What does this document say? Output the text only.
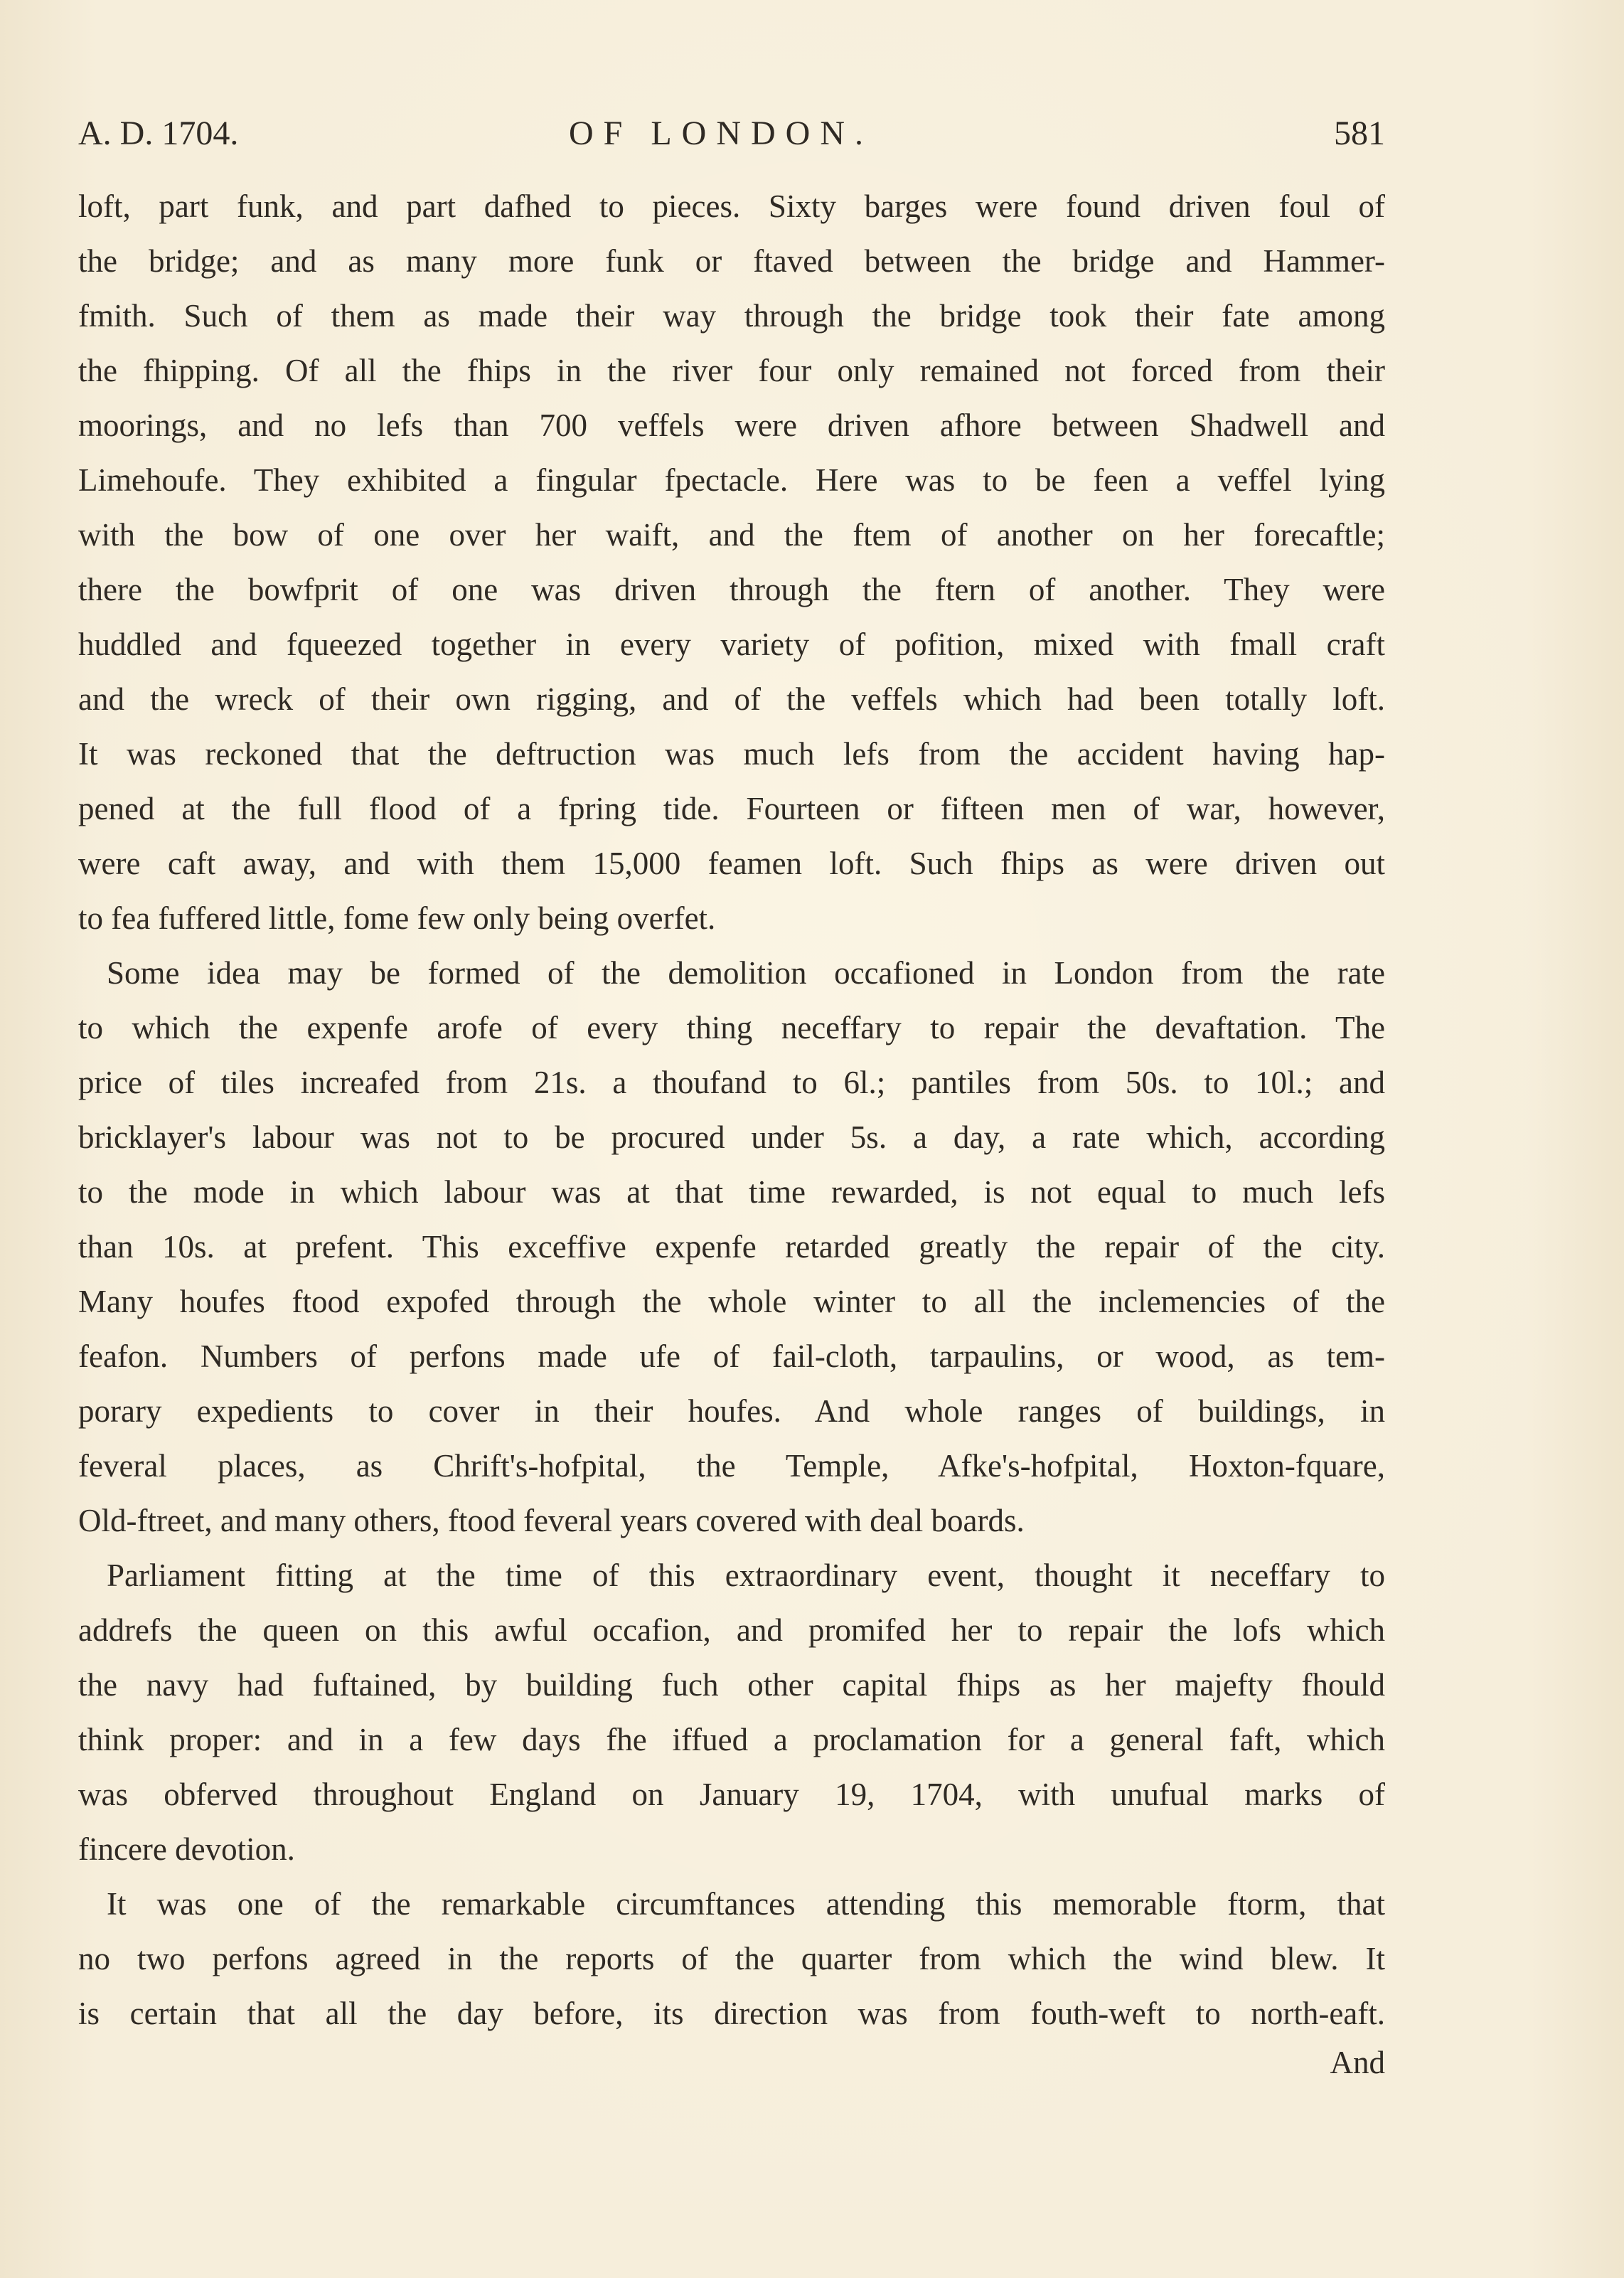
A. D. 1704.	OF LONDON.	581
loft, part funk, and part dafhed to pieces. Sixty barges were found driven foul of
the bridge; and as many more funk or ftaved between the bridge and Hammer-
fmith. Such of them as made their way through the bridge took their fate among
the fhipping. Of all the fhips in the river four only remained not forced from their
moorings, and no lefs than 700 veffels were driven afhore between Shadwell and
Limehoufe. They exhibited a fingular fpectacle. Here was to be feen a veffel lying
with the bow of one over her waift, and the ftem of another on her forecaftle;
there the bowfprit of one was driven through the ftern of another. They were
huddled and fqueezed together in every variety of pofition, mixed with fmall craft
and the wreck of their own rigging, and of the veffels which had been totally loft.
It was reckoned that the deftruction was much lefs from the accident having hap-
pened at the full flood of a fpring tide. Fourteen or fifteen men of war, however,
were caft away, and with them 15,000 feamen loft. Such fhips as were driven out
to fea fuffered little, fome few only being overfet.
Some idea may be formed of the demolition occafioned in London from the rate
to which the expenfe arofe of every thing neceffary to repair the devaftation. The
price of tiles increafed from 21s. a thoufand to 6l.; pantiles from 50s. to 10l.; and
bricklayer's labour was not to be procured under 5s. a day, a rate which, according
to the mode in which labour was at that time rewarded, is not equal to much lefs
than 10s. at prefent. This exceffive expenfe retarded greatly the repair of the city.
Many houfes ftood expofed through the whole winter to all the inclemencies of the
feafon. Numbers of perfons made ufe of fail-cloth, tarpaulins, or wood, as tem-
porary expedients to cover in their houfes. And whole ranges of buildings, in
feveral places, as Chrift's-hofpital, the Temple, Afke's-hofpital, Hoxton-fquare,
Old-ftreet, and many others, ftood feveral years covered with deal boards.
Parliament fitting at the time of this extraordinary event, thought it neceffary to
addrefs the queen on this awful occafion, and promifed her to repair the lofs which
the navy had fuftained, by building fuch other capital fhips as her majefty fhould
think proper: and in a few days fhe iffued a proclamation for a general faft, which
was obferved throughout England on January 19, 1704, with unufual marks of
fincere devotion.
It was one of the remarkable circumftances attending this memorable ftorm, that
no two perfons agreed in the reports of the quarter from which the wind blew. It
is certain that all the day before, its direction was from fouth-weft to north-eaft.
And
